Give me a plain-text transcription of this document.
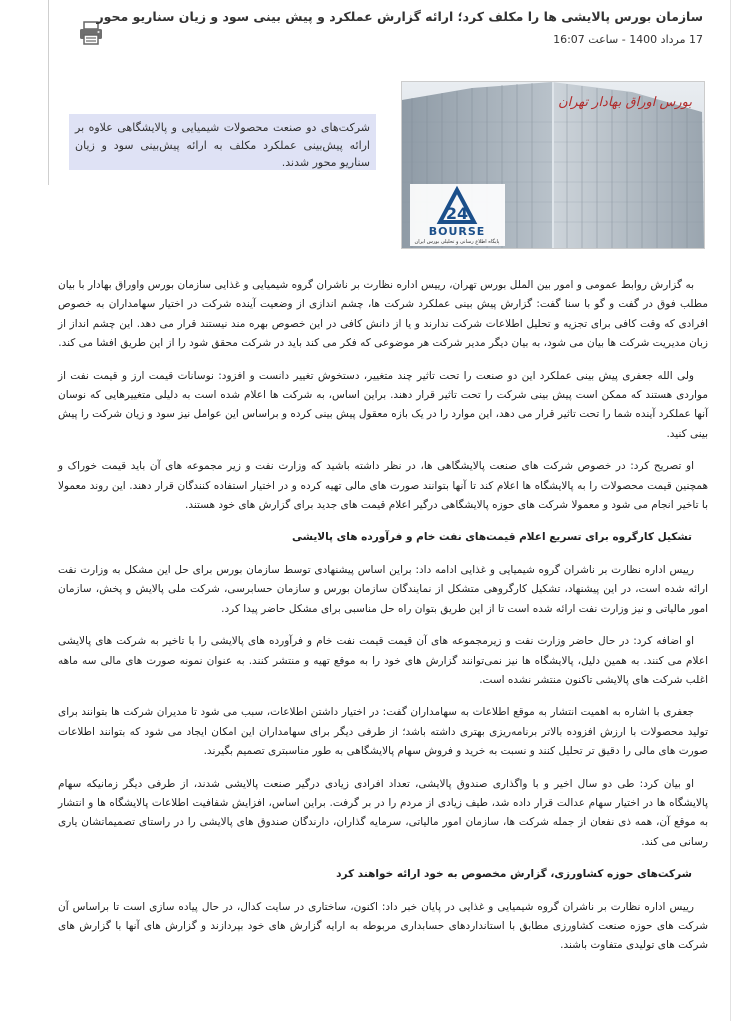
سازمان بورس پالایشی ها را مکلف کرد؛ ارائه گزارش عملکرد و پیش بینی سود و زیان سناریو محور
17 مرداد 1400 - ساعت 16:07
بورس اوراق بهادار تهران
24
BOURSE
پایگاه اطلاع رسانی و تحلیلی بورس ایران
شرکت‌های دو صنعت محصولات شیمیایی و پالایشگاهی علاوه بر ارائه پیش‌بینی عملکرد مکلف به ارائه پیش‌بینی سود و زیان سناریو محور شدند.

به گزارش روابط عمومی و امور بین الملل بورس تهران، رییس اداره نظارت بر ناشران گروه شیمیایی و غذایی سازمان بورس واوراق بهادار با بیان مطلب فوق در گفت و گو با سنا گفت: گزارش پیش بینی عملکرد شرکت ها، چشم اندازی از وضعیت آینده شرکت در اختیار سهامداران به خصوص افرادی که وقت کافی برای تجزیه و تحلیل اطلاعات شرکت ندارند و یا از دانش کافی در این خصوص بهره مند نیستند قرار می دهد. این چشم انداز از زبان مدیریت شرکت ها بیان می شود، به بیان دیگر مدیر شرکت هر موضوعی که فکر می کند باید در شرکت محقق شود را از این طریق افشا می کند.

ولی الله جعفری پیش بینی عملکرد این دو صنعت را تحت تاثیر چند متغییر، دستخوش تغییر دانست و افزود: نوسانات قیمت ارز و قیمت نفت از مواردی هستند که ممکن است پیش بینی شرکت را تحت تاثیر قرار دهند. براین اساس، به شرکت ها اعلام شده است به دلیلی متغییرهایی که نوسان آنها عملکرد آینده شما را تحت تاثیر قرار می دهد، این موارد را در یک بازه معقول پیش بینی کرده و براساس این عوامل نیز سود و زیان شرکت را پیش بینی کنید.

او تصریح کرد: در خصوص شرکت های صنعت پالایشگاهی ها، در نظر داشته باشید که وزارت نفت و زیر مجموعه های آن باید قیمت خوراک و همچنین قیمت محصولات را به پالایشگاه ها اعلام کند تا آنها بتوانند صورت های مالی تهیه کرده و در اختیار استفاده کنندگان قرار دهند. این روند معمولا با تاخیر انجام می شود و معمولا شرکت های حوزه پالایشگاهی درگیر اعلام قیمت های جدید برای گزارش های خود هستند.

تشکیل کارگروه برای تسریع اعلام قیمت‌های نفت خام و فرآورده های پالایشی

رییس اداره نظارت بر ناشران گروه شیمیایی و غذایی ادامه داد: براین اساس پیشنهادی توسط سازمان بورس برای حل این مشکل به وزارت نفت ارائه شده است، در این پیشنهاد، تشکیل کارگروهی متشکل از نمایندگان سازمان بورس و سازمان حسابرسی، شرکت ملی پالایش و پخش، سازمان امور مالیاتی و نیز وزارت نفت ارائه شده است تا از این طریق بتوان راه حل مناسبی برای مشکل حاضر پیدا کرد.

او اضافه کرد: در حال حاضر وزارت نفت و زیرمجموعه های آن قیمت قیمت نفت خام و فرآورده های پالایشی را با تاخیر به شرکت های پالایشی اعلام می کنند. به همین دلیل، پالایشگاه ها نیز نمی‌توانند گزارش های خود را به موقع تهیه و منتشر کنند. به عنوان نمونه صورت های مالی سه ماهه اغلب شرکت های پالایشی تاکنون منتشر نشده است.

جعفری با اشاره به اهمیت انتشار به موقع اطلاعات به سهامداران گفت: در اختیار داشتن اطلاعات، سبب می شود تا مدیران شرکت ها بتوانند برای تولید محصولات با ارزش افزوده بالاتر برنامه‌ریزی بهتری داشته باشد؛ از طرفی دیگر برای سهامداران این امکان ایجاد می شود که بتوانند اطلاعات صورت های مالی را دقیق تر تحلیل کنند و نسبت به خرید و فروش سهام پالایشگاهی به طور مناسبتری تصمیم بگیرند.

او بیان کرد: طی دو سال اخیر و با واگذاری صندوق پالایشی، تعداد افرادی زیادی درگیر صنعت پالایشی شدند، از طرفی دیگر زمانیکه سهام پالایشگاه ها در اختیار سهام عدالت قرار داده شد، طیف زیادی از مردم را در بر گرفت. براین اساس، افزایش شفافیت اطلاعات پالایشگاه ها و انتشار به موقع آن، همه ذی نفعان از جمله شرکت ها، سازمان امور مالیاتی، سرمایه گذاران، دارندگان صندوق های پالایشی را در راستای تصمیماتشان یاری رسانی می کند.

شرکت‌های حوزه کشاورزی، گزارش مخصوص به خود ارائه خواهند کرد

رییس اداره نظارت بر ناشران گروه شیمیایی و غذایی در پایان خبر داد: اکنون، ساختاری در سایت کدال، در حال پیاده سازی است تا براساس آن شرکت های حوزه صنعت کشاورزی مطابق با استانداردهای حسابداری مربوطه به ارایه گزارش های خود بپردازند و گزارش های آنها با گزارش های شرکت های تولیدی متفاوت باشند.
